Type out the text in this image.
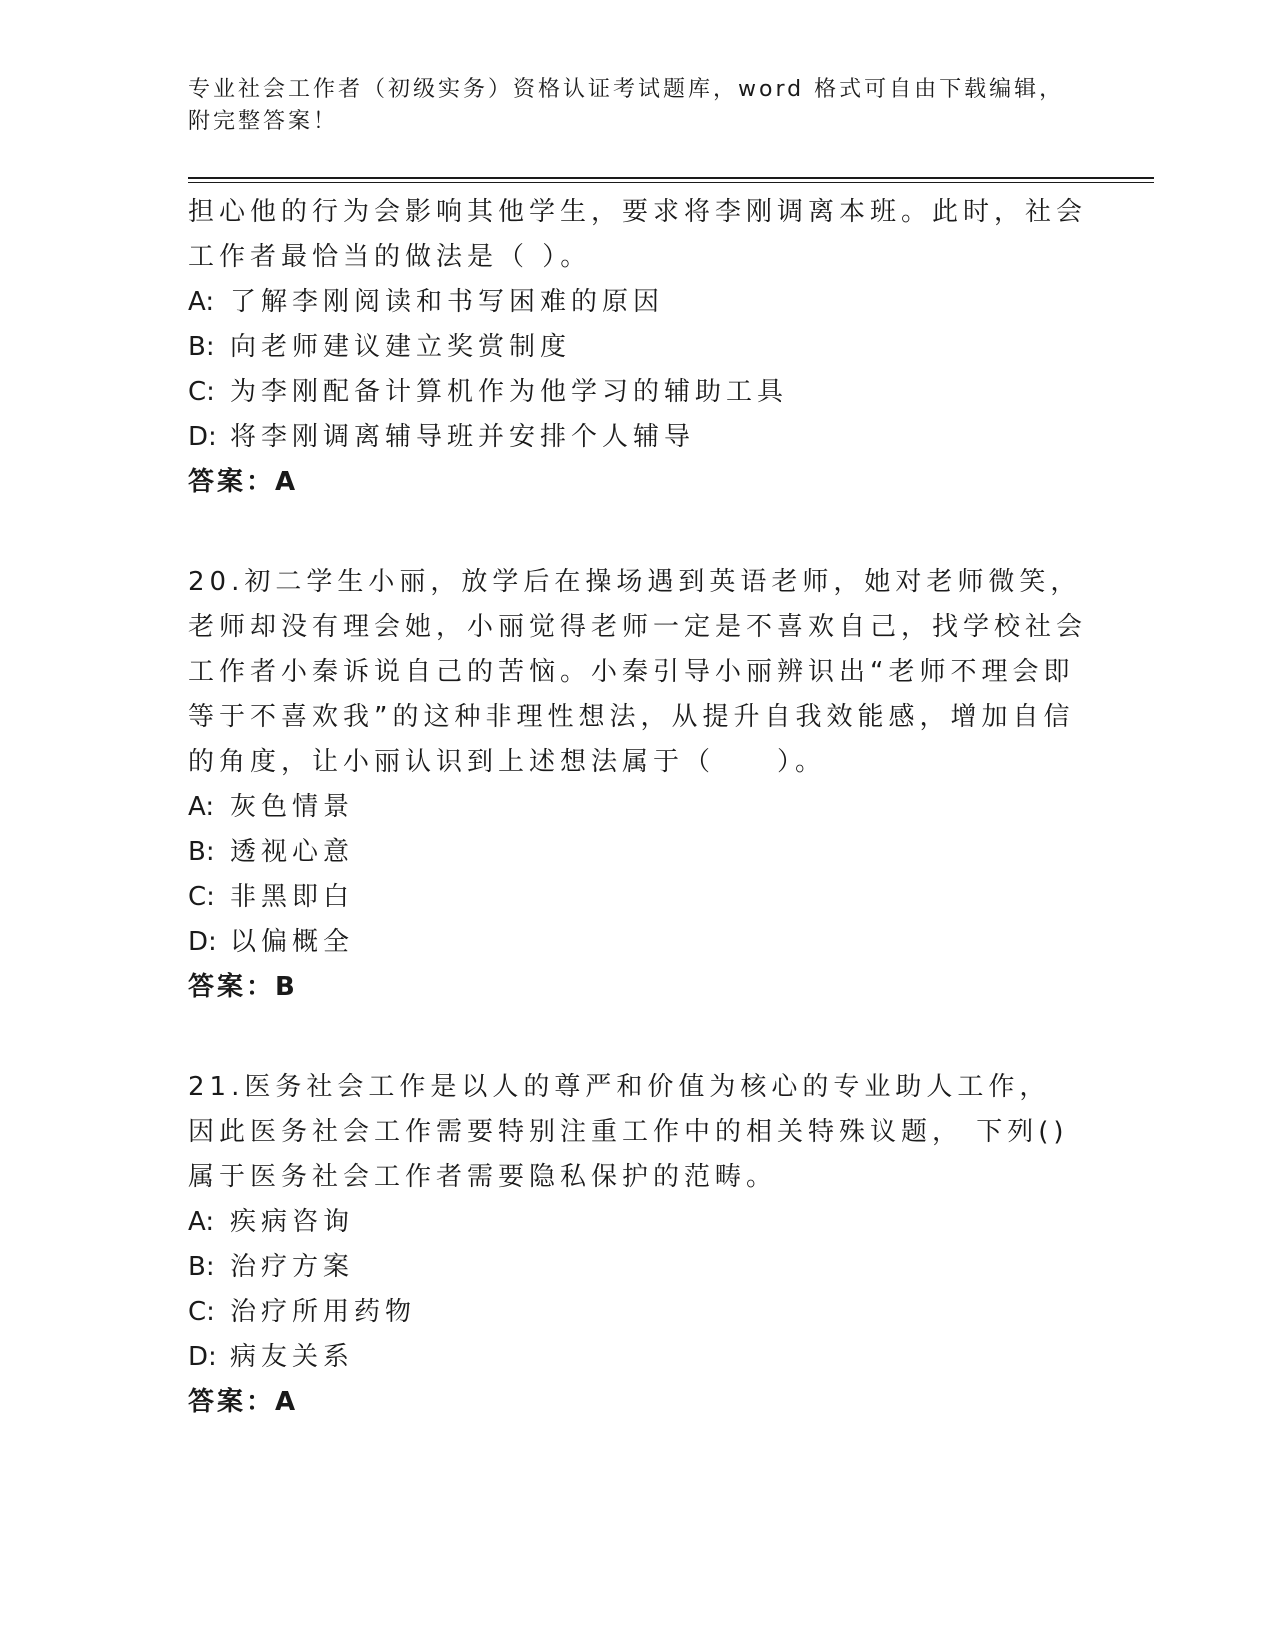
专业社会工作者（初级实务）资格认证考试题库，word 格式可自由下载编辑，附完整答案！

担心他的行为会影响其他学生，要求将李刚调离本班。此时，社会工作者最恰当的做法是（ ）。

A: 了解李刚阅读和书写困难的原因

B: 向老师建议建立奖赏制度

C: 为李刚配备计算机作为他学习的辅助工具

D: 将李刚调离辅导班并安排个人辅导

答案：A

20.初二学生小丽，放学后在操场遇到英语老师，她对老师微笑，老师却没有理会她，小丽觉得老师一定是不喜欢自己，找学校社会工作者小秦诉说自己的苦恼。小秦引导小丽辨识出“老师不理会即等于不喜欢我”的这种非理性想法，从提升自我效能感，增加自信的角度，让小丽认识到上述想法属于（　　）。

A: 灰色情景

B: 透视心意

C: 非黑即白

D: 以偏概全

答案：B

21.医务社会工作是以人的尊严和价值为核心的专业助人工作， 因此医务社会工作需要特别注重工作中的相关特殊议题， 下列() 属于医务社会工作者需要隐私保护的范畴。

A: 疾病咨询

B: 治疗方案

C: 治疗所用药物

D: 病友关系

答案：A
